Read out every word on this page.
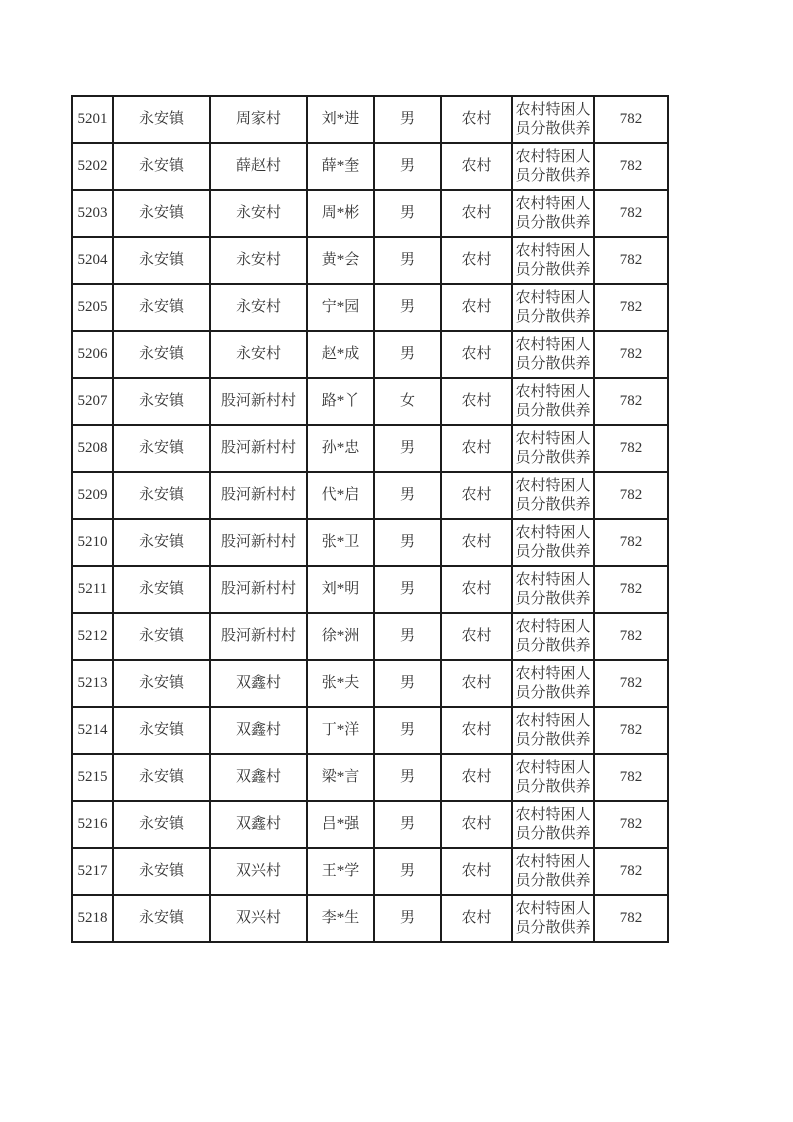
5201	永安镇	周家村	刘*进	男	农村	农村特困人员分散供养	782
5202	永安镇	薛赵村	薛*奎	男	农村	农村特困人员分散供养	782
5203	永安镇	永安村	周*彬	男	农村	农村特困人员分散供养	782
5204	永安镇	永安村	黄*会	男	农村	农村特困人员分散供养	782
5205	永安镇	永安村	宁*园	男	农村	农村特困人员分散供养	782
5206	永安镇	永安村	赵*成	男	农村	农村特困人员分散供养	782
5207	永安镇	股河新村村	路*丫	女	农村	农村特困人员分散供养	782
5208	永安镇	股河新村村	孙*忠	男	农村	农村特困人员分散供养	782
5209	永安镇	股河新村村	代*启	男	农村	农村特困人员分散供养	782
5210	永安镇	股河新村村	张*卫	男	农村	农村特困人员分散供养	782
5211	永安镇	股河新村村	刘*明	男	农村	农村特困人员分散供养	782
5212	永安镇	股河新村村	徐*洲	男	农村	农村特困人员分散供养	782
5213	永安镇	双鑫村	张*夫	男	农村	农村特困人员分散供养	782
5214	永安镇	双鑫村	丁*洋	男	农村	农村特困人员分散供养	782
5215	永安镇	双鑫村	梁*言	男	农村	农村特困人员分散供养	782
5216	永安镇	双鑫村	吕*强	男	农村	农村特困人员分散供养	782
5217	永安镇	双兴村	王*学	男	农村	农村特困人员分散供养	782
5218	永安镇	双兴村	李*生	男	农村	农村特困人员分散供养	782
